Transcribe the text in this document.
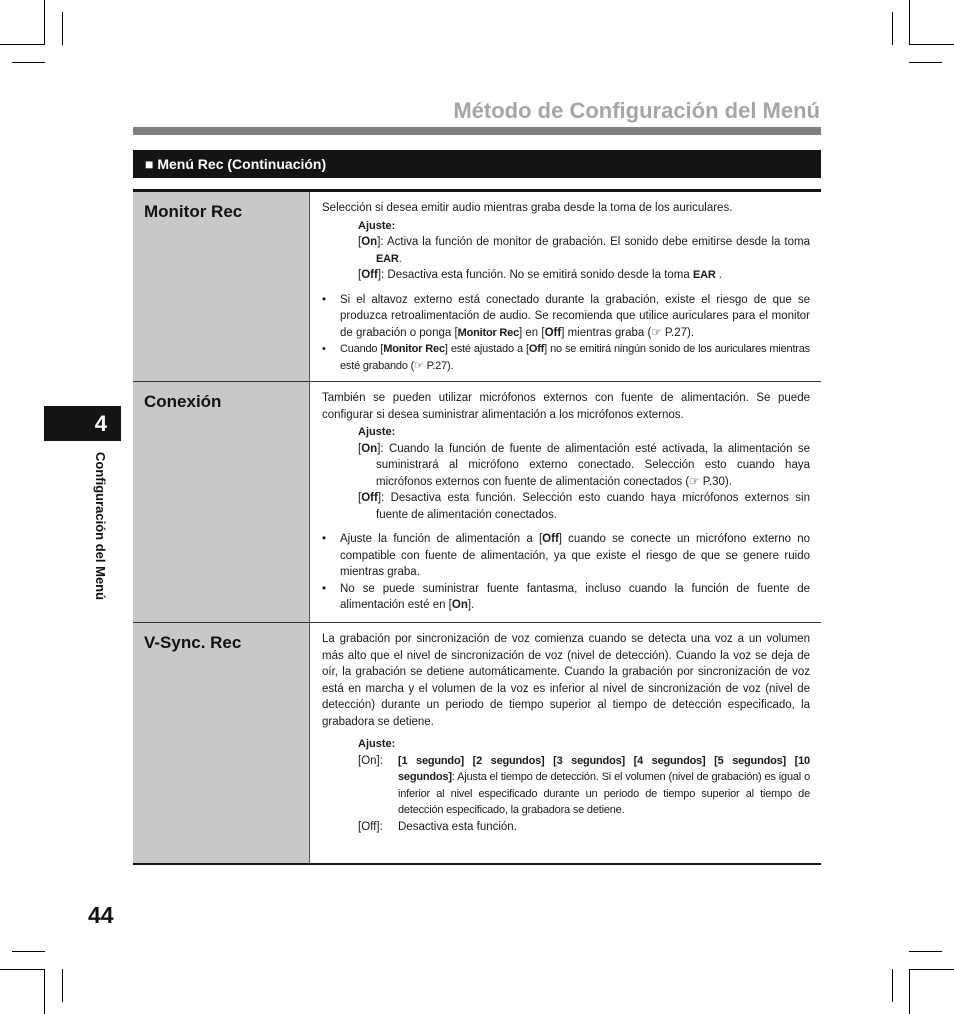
Método de Configuración del Menú
■ Menú Rec (Continuación)
Monitor Rec	Selección si desea emitir audio mientras graba desde la toma de los auriculares.

Ajuste:
[On]: Activa la función de monitor de grabación. El sonido debe emitirse desde la toma EAR.
[Off]: Desactiva esta función. No se emitirá sonido desde la toma EAR .
•	Si el altavoz externo está conectado durante la grabación, existe el riesgo de que se produzca retroalimentación de audio. Se recomienda que utilice auriculares para el monitor de grabación o ponga [Monitor Rec] en [Off] mientras graba (☞ P.27).
•	Cuando [Monitor Rec] esté ajustado a [Off] no se emitirá ningún sonido de los auriculares mientras esté grabando (☞ P.27).
Conexión	También se pueden utilizar micrófonos externos con fuente de alimentación. Se puede configurar si desea suministrar alimentación a los micrófonos externos.

Ajuste:
[On]: Cuando la función de fuente de alimentación esté activada, la alimentación se suministrará al micrófono externo conectado. Selección esto cuando haya micrófonos externos con fuente de alimentación conectados (☞ P.30).
[Off]: Desactiva esta función. Selección esto cuando haya micrófonos externos sin fuente de alimentación conectados.
•	Ajuste la función de alimentación a [Off] cuando se conecte un micrófono externo no compatible con fuente de alimentación, ya que existe el riesgo de que se genere ruido mientras graba.
•	No se puede suministrar fuente fantasma, incluso cuando la función de fuente de alimentación esté en [On].
V-Sync. Rec	La grabación por sincronización de voz comienza cuando se detecta una voz a un volumen más alto que el nivel de sincronización de voz (nivel de detección). Cuando la voz se deja de oír, la grabación se detiene automáticamente. Cuando la grabación por sincronización de voz está en marcha y el volumen de la voz es inferior al nivel de sincronización de voz (nivel de detección) durante un periodo de tiempo superior al tiempo de detección especificado, la grabadora se detiene.

Ajuste:
[On]:	[1 segundo] [2 segundos] [3 segundos] [4 segundos] [5 segundos] [10 segundos]: Ajusta el tiempo de detección. Si el volumen (nivel de grabación) es igual o inferior al nivel especificado durante un periodo de tiempo superior al tiempo de detección especificado, la grabadora se detiene.
[Off]:	Desactiva esta función.
4
Configuración del Menú
44
